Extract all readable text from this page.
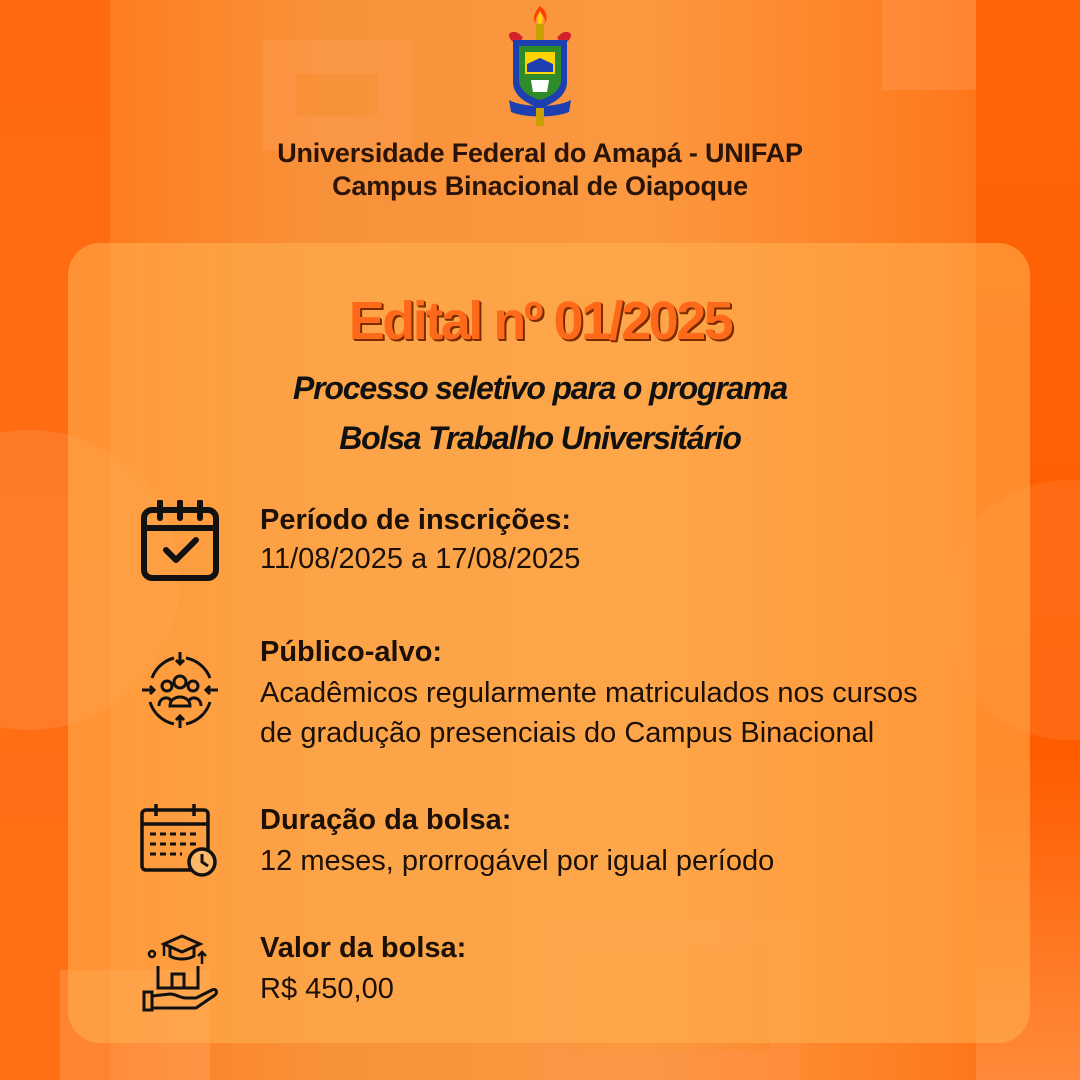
Universidade Federal do Amapá - UNIFAP
Campus Binacional de Oiapoque
Edital nº 01/2025
Processo seletivo para o programa
Bolsa Trabalho Universitário
Período de inscrições:
11/08/2025 a 17/08/2025
Público-alvo:
Acadêmicos regularmente matriculados nos cursos
de gradução presenciais do Campus Binacional
Duração da bolsa:
12 meses, prorrogável por igual período
Valor da bolsa:
R$ 450,00
